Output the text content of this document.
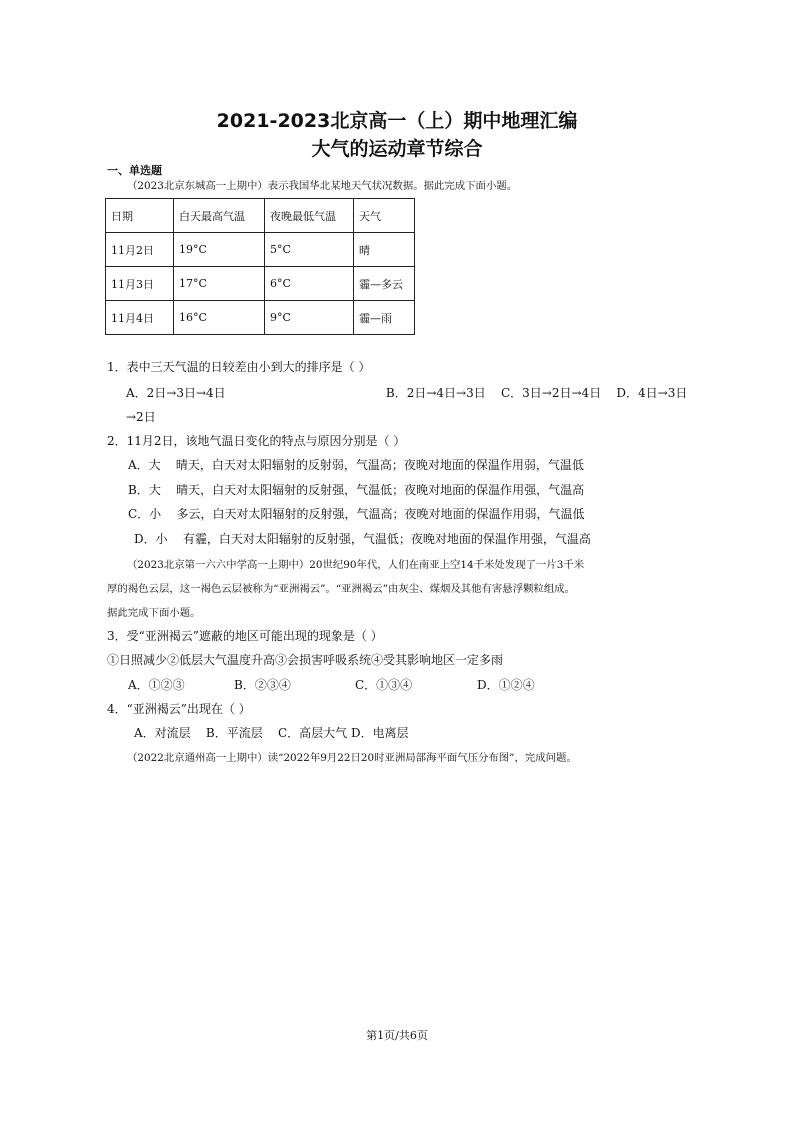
2021-2023北京高一（上）期中地理汇编
大气的运动章节综合
一、单选题
（2023北京东城高一上期中）表示我国华北某地天气状况数据。据此完成下面小题。
日期	白天最高气温	夜晚最低气温	天气
11月2日	19°C	5°C	晴
11月3日	17°C	6°C	霾—多云
11月4日	16°C	9°C	霾—雨
1．表中三天气温的日较差由小到大的排序是（ ）
A．2日→3日→4日                                          B．2日→4日→3日    C．3日→2日→4日    D．4日→3日
→2日
2．11月2日，该地气温日变化的特点与原因分别是（ ）
A．大    晴天，白天对太阳辐射的反射弱，气温高；夜晚对地面的保温作用弱，气温低
B．大    晴天，白天对太阳辐射的反射强，气温低；夜晚对地面的保温作用强，气温高
C．小    多云，白天对太阳辐射的反射强，气温高；夜晚对地面的保温作用弱，气温低
D．小    有霾，白天对太阳辐射的反射强，气温低；夜晚对地面的保温作用强，气温高
（2023北京第一六六中学高一上期中）20世纪90年代，人们在南亚上空14千米处发现了一片3千米
厚的褐色云层，这一褐色云层被称为“亚洲褐云”。“亚洲褐云”由灰尘、煤烟及其他有害悬浮颗粒组成。
据此完成下面小题。
3．受“亚洲褐云”遮蔽的地区可能出现的现象是（ ）
①日照减少②低层大气温度升高③会损害呼吸系统④受其影响地区一定多雨
A．①②③	B．②③④	C．①③④	D．①②④
4．“亚洲褐云”出现在（ ）
A．对流层    B．平流层    C．高层大气 D．电离层
（2022北京通州高一上期中）读“2022年9月22日20时亚洲局部海平面气压分布图”，完成问题。
第1页/共6页
